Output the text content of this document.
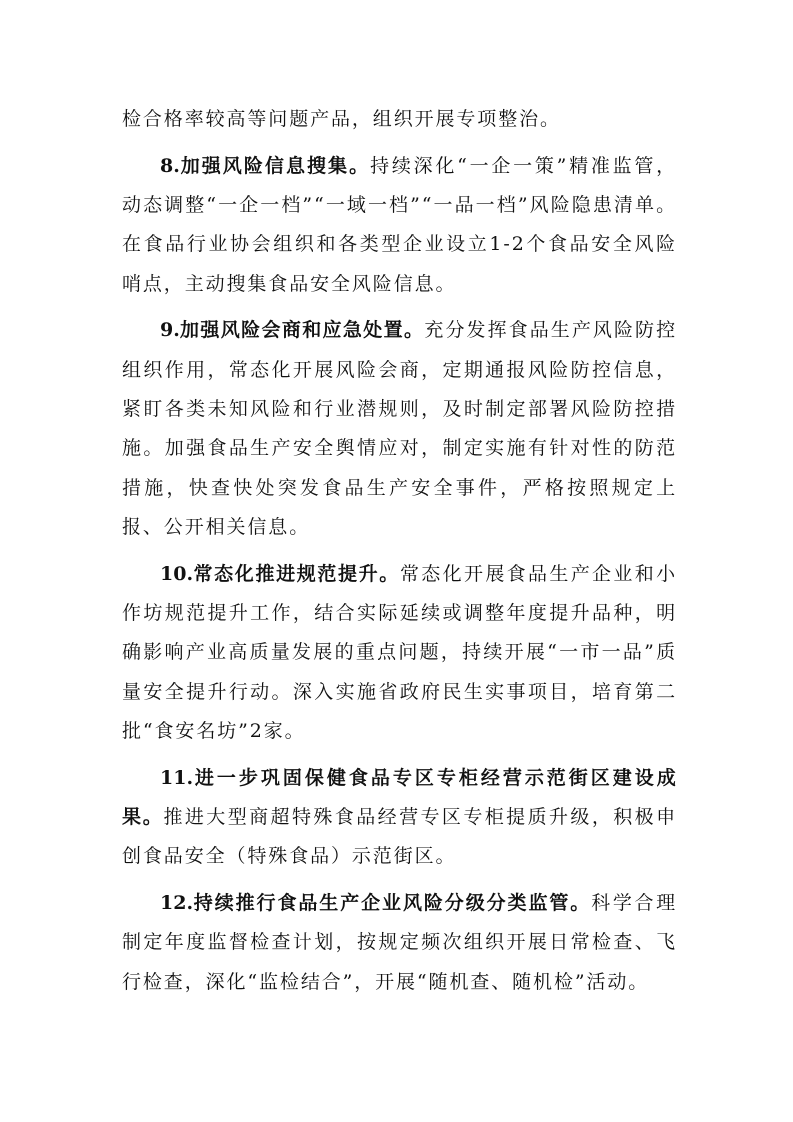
检合格率较高等问题产品，组织开展专项整治。

8.加强风险信息搜集。持续深化“一企一策”精准监管，动态调整“一企一档”“一域一档”“一品一档”风险隐患清单。在食品行业协会组织和各类型企业设立1-2个食品安全风险哨点，主动搜集食品安全风险信息。

9.加强风险会商和应急处置。充分发挥食品生产风险防控组织作用，常态化开展风险会商，定期通报风险防控信息，紧盯各类未知风险和行业潜规则，及时制定部署风险防控措施。加强食品生产安全舆情应对，制定实施有针对性的防范措施，快查快处突发食品生产安全事件，严格按照规定上报、公开相关信息。

10.常态化推进规范提升。常态化开展食品生产企业和小作坊规范提升工作，结合实际延续或调整年度提升品种，明确影响产业高质量发展的重点问题，持续开展“一市一品”质量安全提升行动。深入实施省政府民生实事项目，培育第二批“食安名坊”2家。

11.进一步巩固保健食品专区专柜经营示范街区建设成果。推进大型商超特殊食品经营专区专柜提质升级，积极申创食品安全（特殊食品）示范街区。

12.持续推行食品生产企业风险分级分类监管。科学合理制定年度监督检查计划，按规定频次组织开展日常检查、飞行检查，深化“监检结合”，开展“随机查、随机检”活动。
